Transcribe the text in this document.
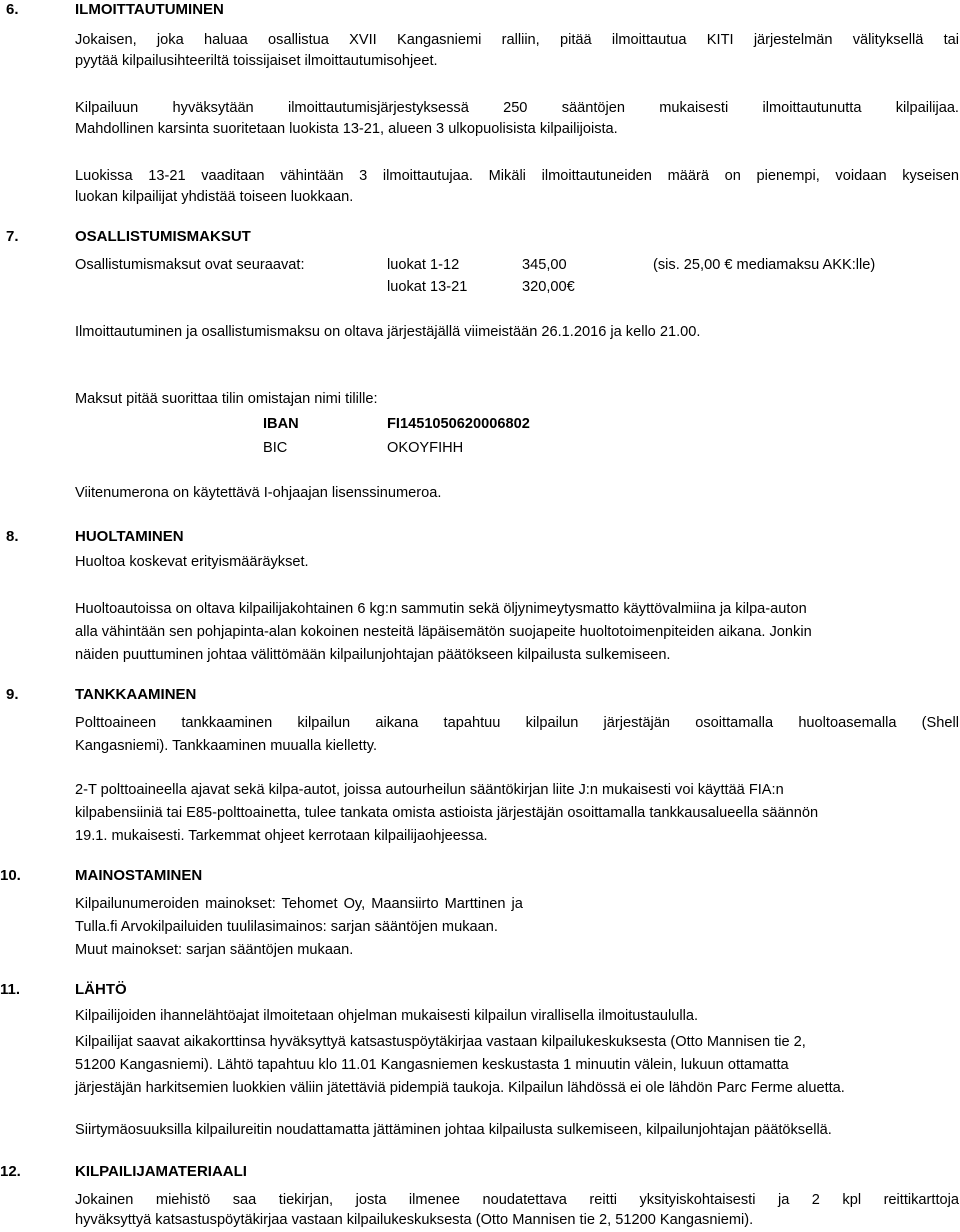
6.	ILMOITTAUTUMINEN

Jokaisen, joka haluaa osallistua XVII Kangasniemi ralliin, pitää ilmoittautua KITI järjestelmän välityksellä tai

pyytää kilpailusihteeriltä toissijaiset ilmoittautumisohjeet.

Kilpailuun hyväksytään ilmoittautumisjärjestyksessä 250 sääntöjen mukaisesti ilmoittautunutta kilpailijaa.

Mahdollinen karsinta suoritetaan luokista 13-21, alueen 3 ulkopuolisista kilpailijoista.

Luokissa 13-21 vaaditaan vähintään 3 ilmoittautujaa. Mikäli ilmoittautuneiden määrä on pienempi, voidaan kyseisen

luokan kilpailijat yhdistää toiseen luokkaan.

7.	OSALLISTUMISMAKSUT

Osallistumismaksut ovat seuraavat:	luokat 1-12	345,00	(sis. 25,00 € mediamaksu AKK:lle)

luokat 13-21	320,00€

Ilmoittautuminen ja osallistumismaksu on oltava järjestäjällä viimeistään 26.1.2016 ja kello 21.00.

Maksut pitää suorittaa tilin omistajan nimi tilille:

IBAN	FI1451050620006802

BIC	OKOYFIHH

Viitenumerona on käytettävä I-ohjaajan lisenssinumeroa.

8.	HUOLTAMINEN

Huoltoa koskevat erityismääräykset.

Huoltoautoissa on oltava kilpailijakohtainen 6 kg:n sammutin sekä öljynimeytysmatto käyttövalmiina ja kilpa-auton

alla vähintään sen pohjapinta-alan kokoinen nesteitä läpäisemätön suojapeite huoltotoimenpiteiden aikana. Jonkin

näiden puuttuminen johtaa välittömään kilpailunjohtajan päätökseen kilpailusta sulkemiseen.

9.	TANKKAAMINEN

Polttoaineen tankkaaminen kilpailun aikana tapahtuu kilpailun järjestäjän osoittamalla huoltoasemalla (Shell

Kangasniemi). Tankkaaminen muualla kielletty.

2-T polttoaineella ajavat sekä kilpa-autot, joissa autourheilun sääntökirjan liite J:n mukaisesti voi käyttää FIA:n

kilpabensiiniä tai E85-polttoainetta, tulee tankata omista astioista järjestäjän osoittamalla tankkausalueella säännön

19.1. mukaisesti. Tarkemmat ohjeet kerrotaan kilpailijaohjeessa.

10.	MAINOSTAMINEN

Kilpailunumeroiden mainokset: Tehomet Oy, Maansiirto Marttinen ja

Tulla.fi Arvokilpailuiden tuulilasimainos: sarjan sääntöjen mukaan.

Muut mainokset: sarjan sääntöjen mukaan.

11.	LÄHTÖ

Kilpailijoiden ihannelähtöajat ilmoitetaan ohjelman mukaisesti kilpailun virallisella ilmoitustaululla.

Kilpailijat saavat aikakorttinsa hyväksyttyä katsastuspöytäkirjaa vastaan kilpailukeskuksesta (Otto Mannisen tie 2,

51200 Kangasniemi). Lähtö tapahtuu klo 11.01 Kangasniemen keskustasta 1 minuutin välein, lukuun ottamatta

järjestäjän harkitsemien luokkien väliin jätettäviä pidempiä taukoja. Kilpailun lähdössä ei ole lähdön Parc Ferme aluetta.

Siirtymäosuuksilla kilpailureitin noudattamatta jättäminen johtaa kilpailusta sulkemiseen, kilpailunjohtajan päätöksellä.

12.	KILPAILIJAMATERIAALI

Jokainen miehistö saa tiekirjan, josta ilmenee noudatettava reitti yksityiskohtaisesti ja 2 kpl reittikarttoja

hyväksyttyä katsastuspöytäkirjaa vastaan kilpailukeskuksesta (Otto Mannisen tie 2, 51200 Kangasniemi).
